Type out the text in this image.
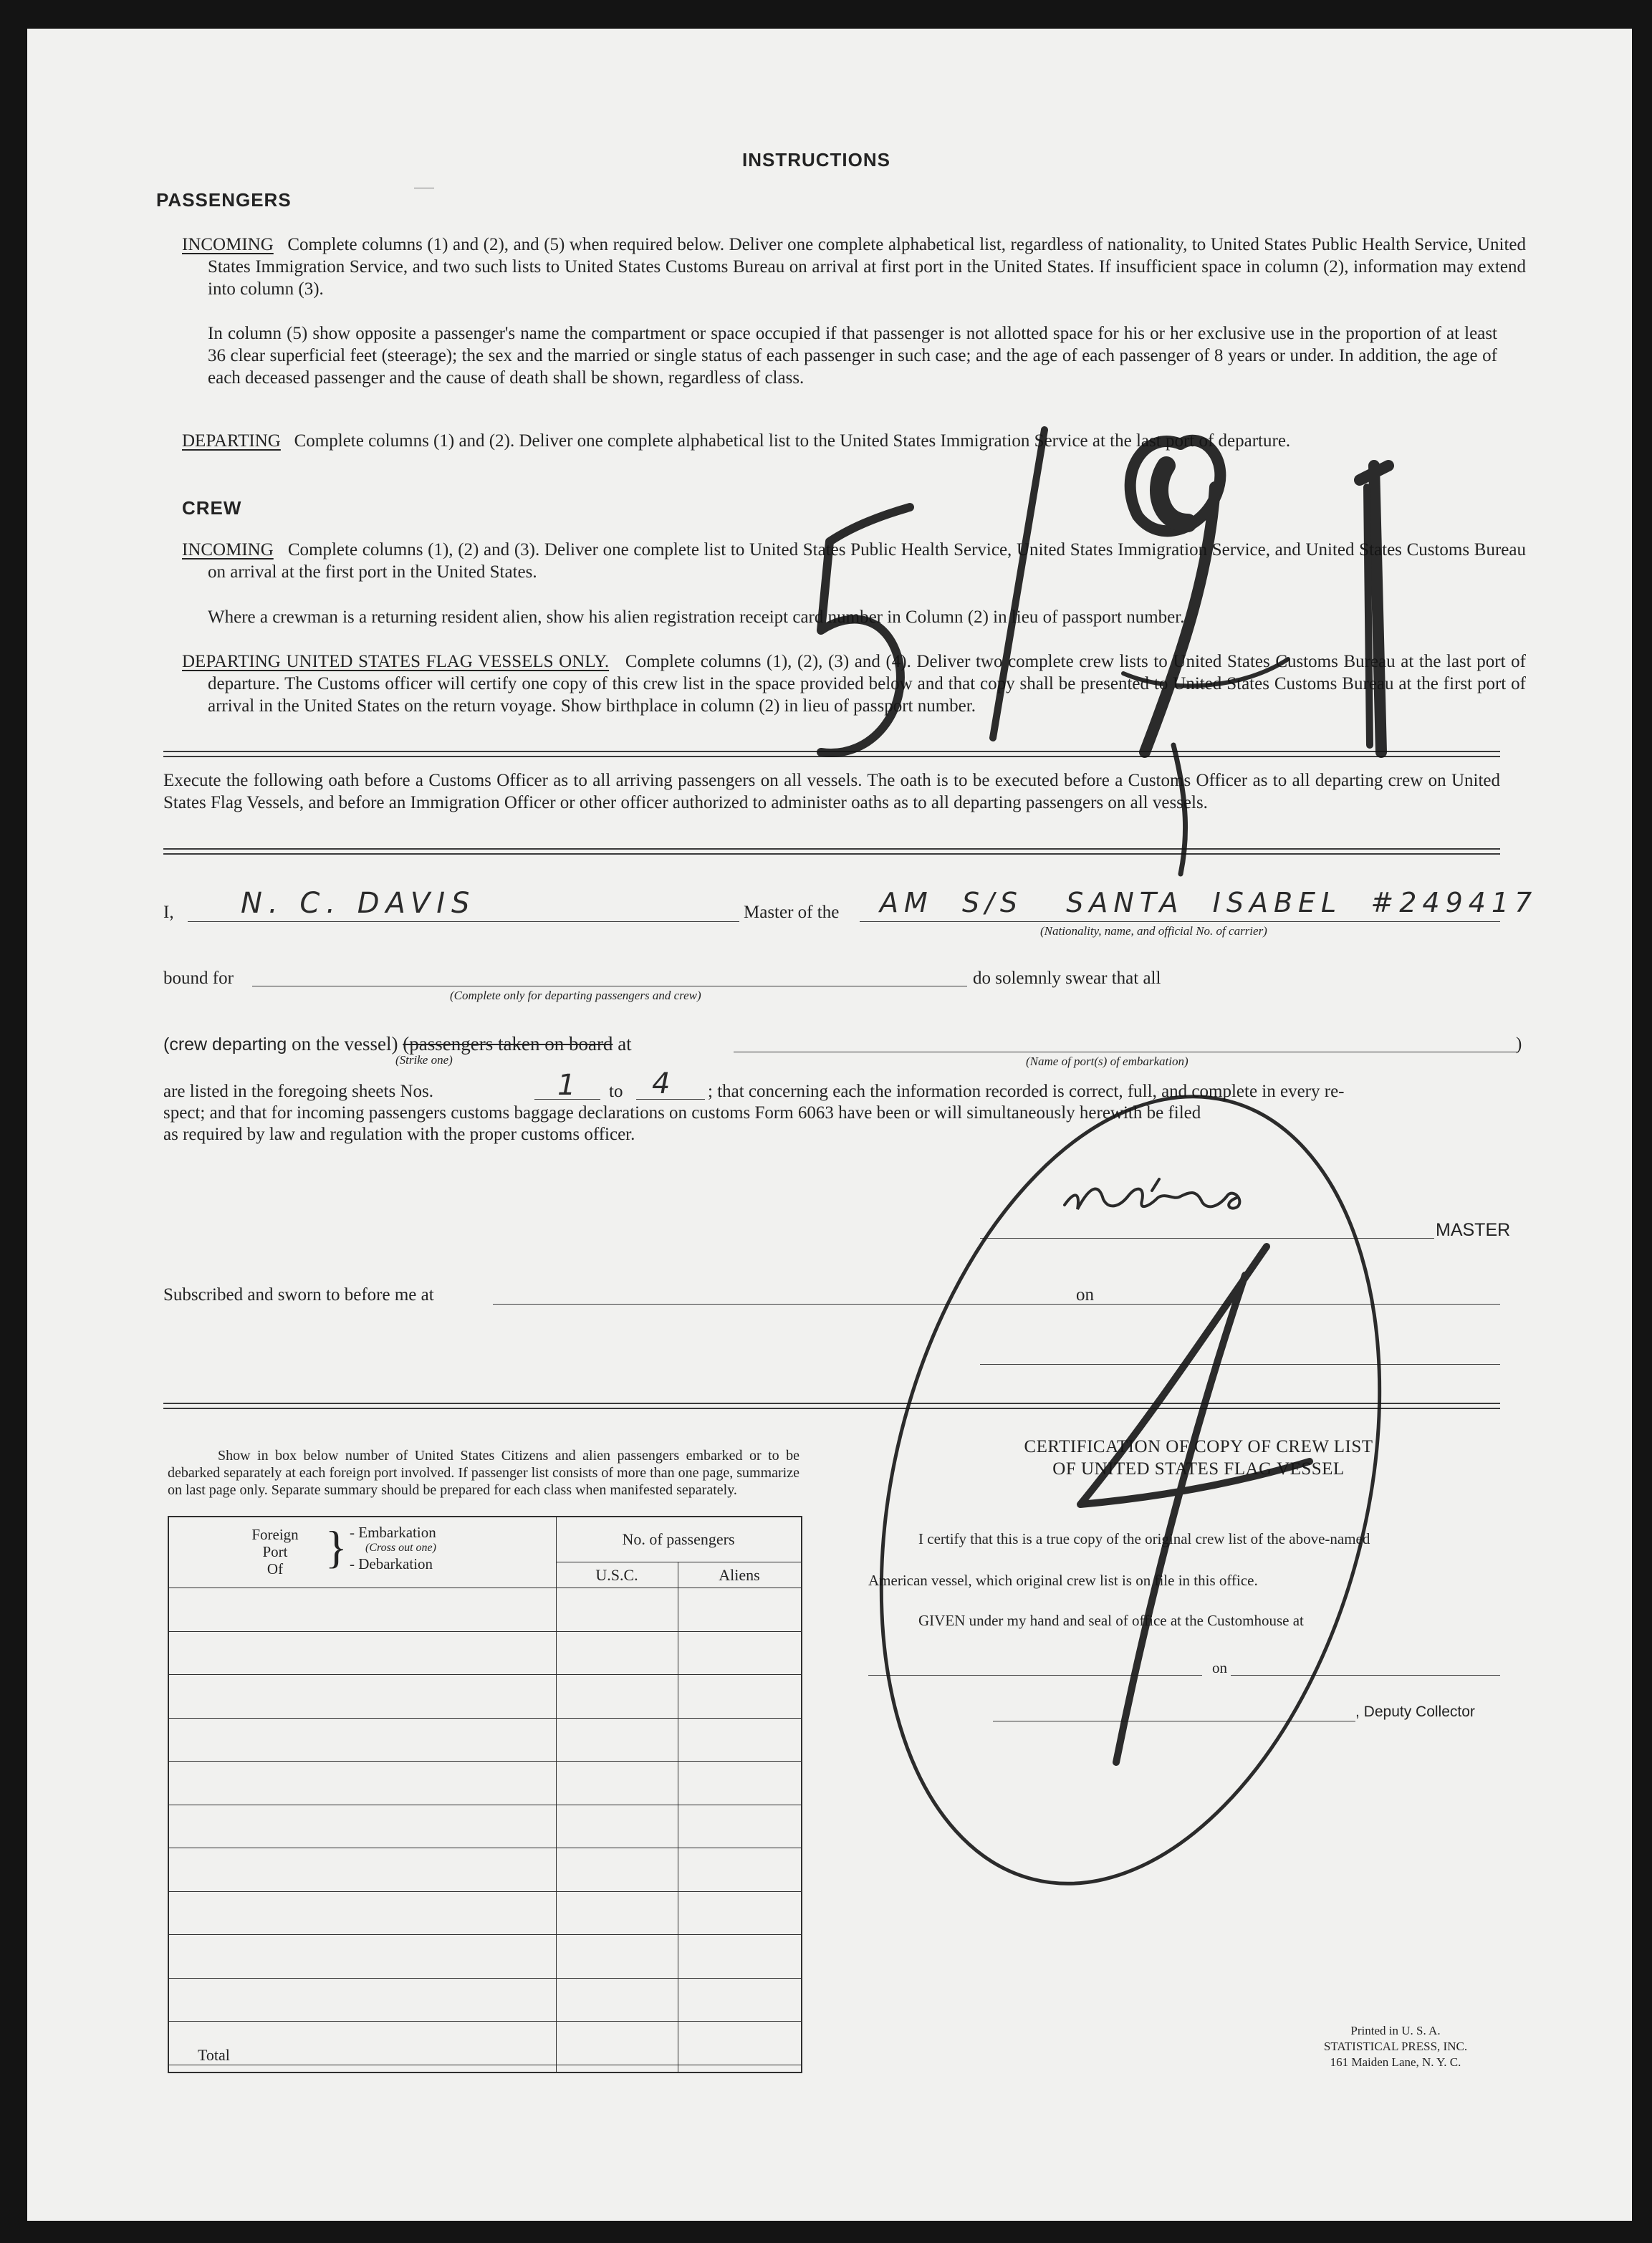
INSTRUCTIONS
PASSENGERS
INCOMING Complete columns (1) and (2), and (5) when required below. Deliver one complete alphabetical list, regardless of nationality, to United States Public Health Service, United States Immigration Service, and two such lists to United States Customs Bureau on arrival at first port in the United States. If insufficient space in column (2), information may extend into column (3).
In column (5) show opposite a passenger's name the compartment or space occupied if that passenger is not allotted space for his or her exclusive use in the proportion of at least 36 clear superficial feet (steerage); the sex and the married or single status of each passenger in such case; and the age of each passenger of 8 years or under. In addition, the age of each deceased passenger and the cause of death shall be shown, regardless of class.
DEPARTING Complete columns (1) and (2). Deliver one complete alphabetical list to the United States Immigration Service at the last port of departure.
CREW
INCOMING Complete columns (1), (2) and (3). Deliver one complete list to United States Public Health Service, United States Immigration Service, and United States Customs Bureau on arrival at the first port in the United States.
Where a crewman is a returning resident alien, show his alien registration receipt card number in Column (2) in lieu of passport number.
DEPARTING UNITED STATES FLAG VESSELS ONLY. Complete columns (1), (2), (3) and (4). Deliver two complete crew lists to United States Customs Bureau at the last port of departure. The Customs officer will certify one copy of this crew list in the space provided below and that copy shall be presented to United States Customs Bureau at the first port of arrival in the United States on the return voyage. Show birthplace in column (2) in lieu of passport number.
Execute the following oath before a Customs Officer as to all arriving passengers on all vessels. The oath is to be executed before a Customs Officer as to all departing crew on United States Flag Vessels, and before an Immigration Officer or other officer authorized to administer oaths as to all departing passengers on all vessels.
I, N. C. DAVIS	Master of the AM  S/S   SANTA  ISABEL  #249417
(Nationality, name, and official No. of carrier)
bound for
(Complete only for departing passengers and crew)
do solemnly swear that all
(crew departing on the vessel) (passengers taken on board at	)
(Strike one)	(Name of port(s) of embarkation)
are listed in the foregoing sheets Nos.	1 to 4 ; that concerning each the information recorded is correct, full, and complete in every re-
spect; and that for incoming passengers customs baggage declarations on customs Form 6063 have been or will simultaneously herewith be filed
as required by law and regulation with the proper customs officer.
MASTER
Subscribed and sworn to before me at	on
Show in box below number of United States Citizens and alien passengers embarked or to be debarked separately at each foreign port involved. If passenger list consists of more than one page, summarize on last page only. Separate summary should be prepared for each class when manifested separately.
Foreign
Port
Of } - Embarkation
(Cross out one)
- Debarkation
No. of passengers
U.S.C.	Aliens
Total
CERTIFICATION OF COPY OF CREW LIST
OF UNITED STATES FLAG VESSEL
I certify that this is a true copy of the original crew list of the above-named
American vessel, which original crew list is on file in this office.
GIVEN under my hand and seal of office at the Customhouse at
on
, Deputy Collector
Printed in U. S. A.
STATISTICAL PRESS, INC.
161 Maiden Lane, N. Y. C.
